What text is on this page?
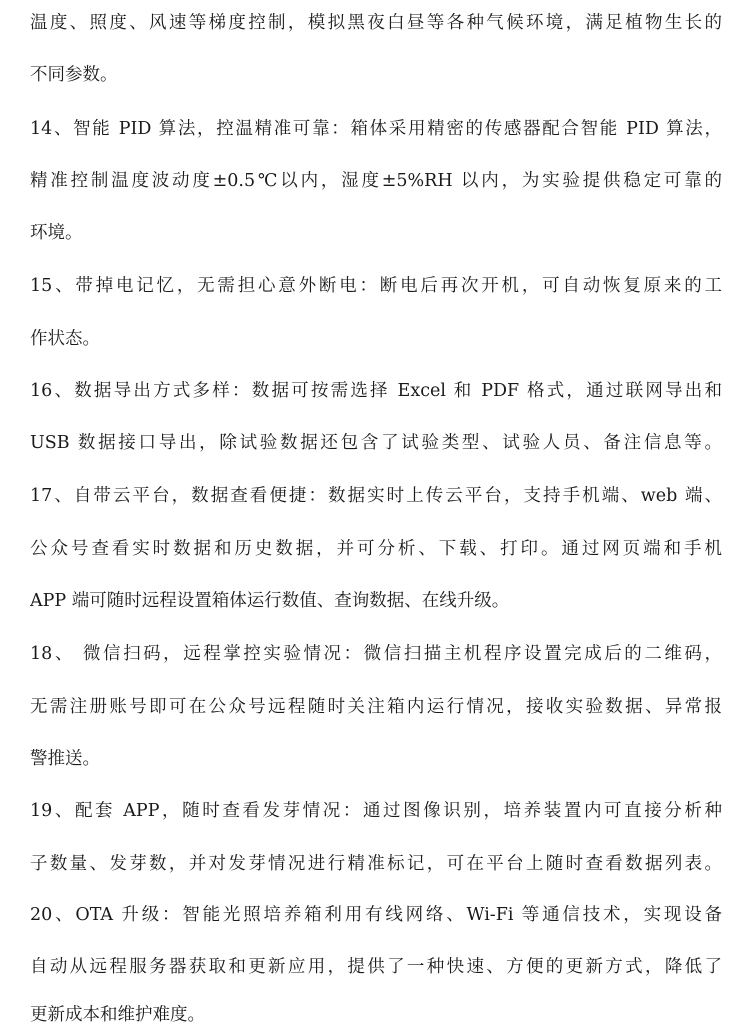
温度、照度、风速等梯度控制，模拟黑夜白昼等各种气候环境，满足植物生长的
不同参数。
14、智能 PID 算法，控温精准可靠：箱体采用精密的传感器配合智能 PID 算法，
精准控制温度波动度±0.5℃以内，湿度±5%RH 以内，为实验提供稳定可靠的
环境。
15、带掉电记忆，无需担心意外断电：断电后再次开机，可自动恢复原来的工
作状态。
16、数据导出方式多样：数据可按需选择 Excel 和 PDF 格式，通过联网导出和
USB 数据接口导出，除试验数据还包含了试验类型、试验人员、备注信息等。
17、自带云平台，数据查看便捷：数据实时上传云平台，支持手机端、web 端、
公众号查看实时数据和历史数据，并可分析、下载、打印。通过网页端和手机
APP 端可随时远程设置箱体运行数值、查询数据、在线升级。
18、 微信扫码，远程掌控实验情况：微信扫描主机程序设置完成后的二维码，
无需注册账号即可在公众号远程随时关注箱内运行情况，接收实验数据、异常报
警推送。
19、配套 APP，随时查看发芽情况：通过图像识别，培养装置内可直接分析种
子数量、发芽数，并对发芽情况进行精准标记，可在平台上随时查看数据列表。
20、OTA 升级：智能光照培养箱利用有线网络、Wi-Fi 等通信技术，实现设备
自动从远程服务器获取和更新应用，提供了一种快速、方便的更新方式，降低了
更新成本和维护难度。
